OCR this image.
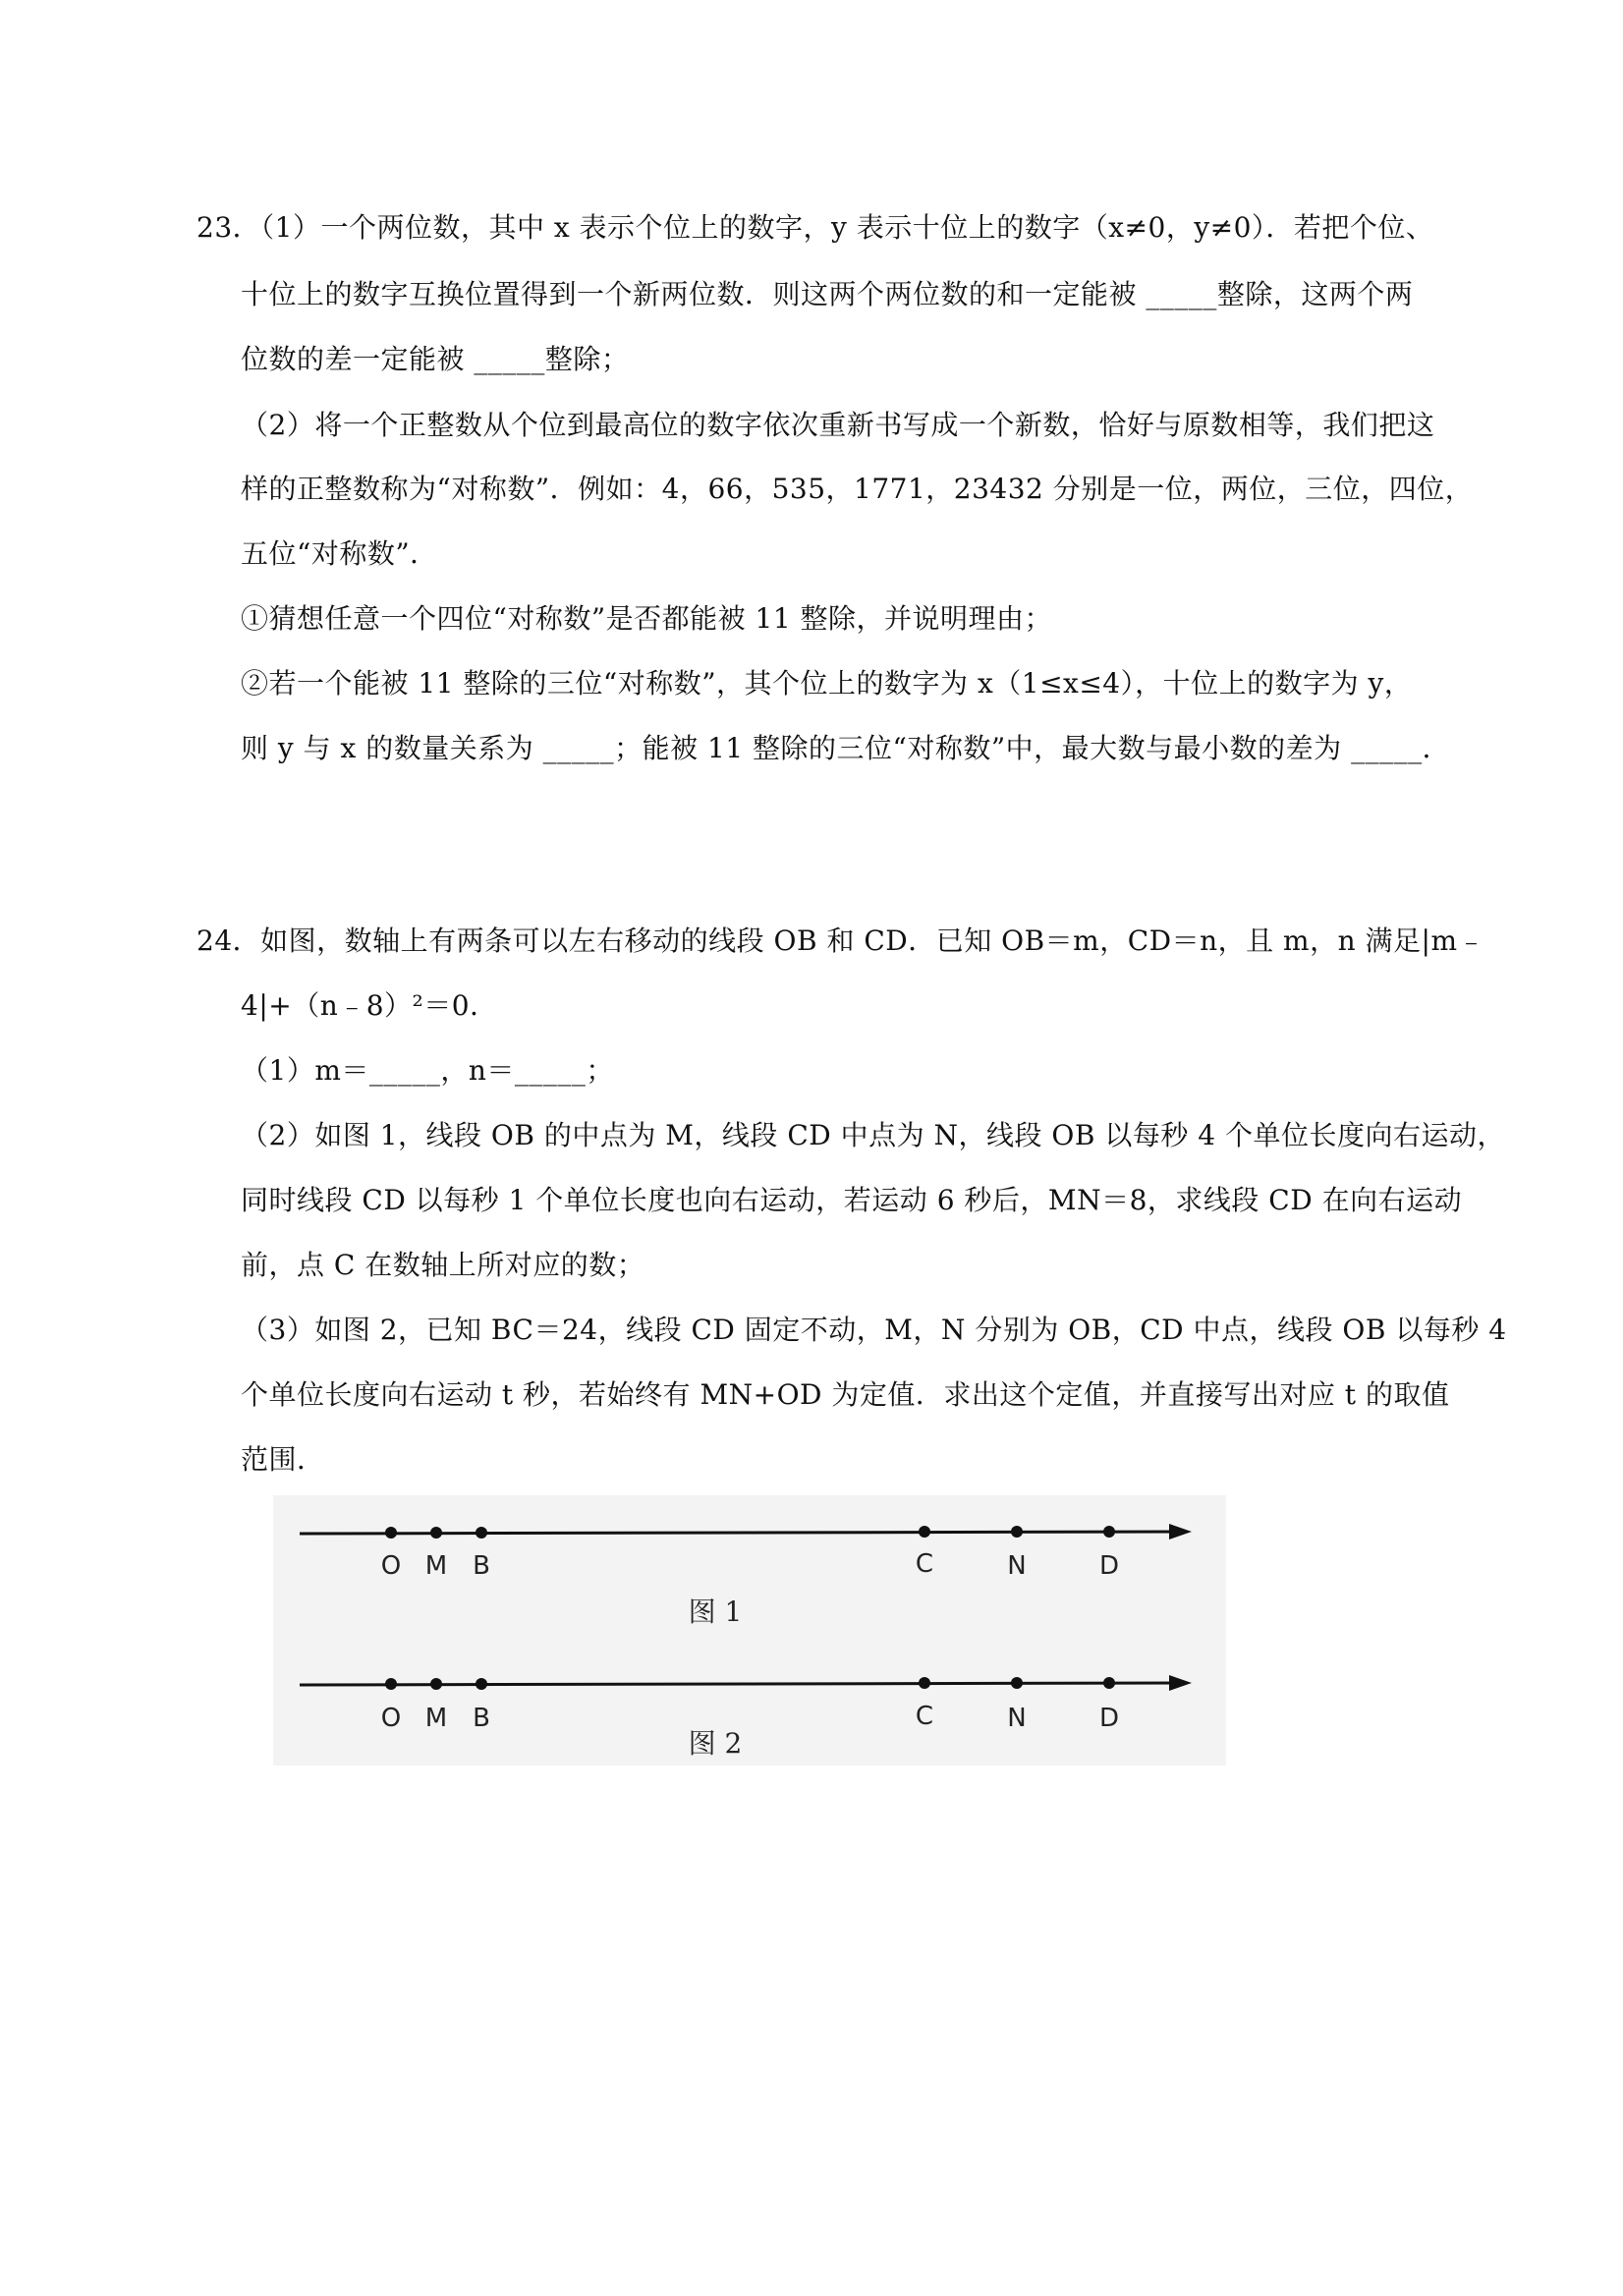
23．（1）一个两位数，其中 x 表示个位上的数字，y 表示十位上的数字（x≠0，y≠0）．若把个位、
十位上的数字互换位置得到一个新两位数．则这两个两位数的和一定能被 _____整除，这两个两
位数的差一定能被 _____整除；
（2）将一个正整数从个位到最高位的数字依次重新书写成一个新数，恰好与原数相等，我们把这
样的正整数称为“对称数”．例如：4，66，535，1771，23432 分别是一位，两位，三位，四位，
五位“对称数”．
①猜想任意一个四位“对称数”是否都能被 11 整除，并说明理由；
②若一个能被 11 整除的三位“对称数”，其个位上的数字为 x（1≤x≤4），十位上的数字为 y，
则 y 与 x 的数量关系为 _____；能被 11 整除的三位“对称数”中，最大数与最小数的差为 _____．
24．如图，数轴上有两条可以左右移动的线段 OB 和 CD．已知 OB＝m，CD＝n，且 m，n 满足|m﹣
4|+（n﹣8）²＝0．
（1）m＝_____，n＝_____；
（2）如图 1，线段 OB 的中点为 M，线段 CD 中点为 N，线段 OB 以每秒 4 个单位长度向右运动，
同时线段 CD 以每秒 1 个单位长度也向右运动，若运动 6 秒后，MN＝8，求线段 CD 在向右运动
前，点 C 在数轴上所对应的数；
（3）如图 2，已知 BC＝24，线段 CD 固定不动，M，N 分别为 OB，CD 中点，线段 OB 以每秒 4
个单位长度向右运动 t 秒，若始终有 MN+OD 为定值．求出这个定值，并直接写出对应 t 的取值
范围．
O M B	C	N	D
图 1
O M B	C	N	D
图 2
